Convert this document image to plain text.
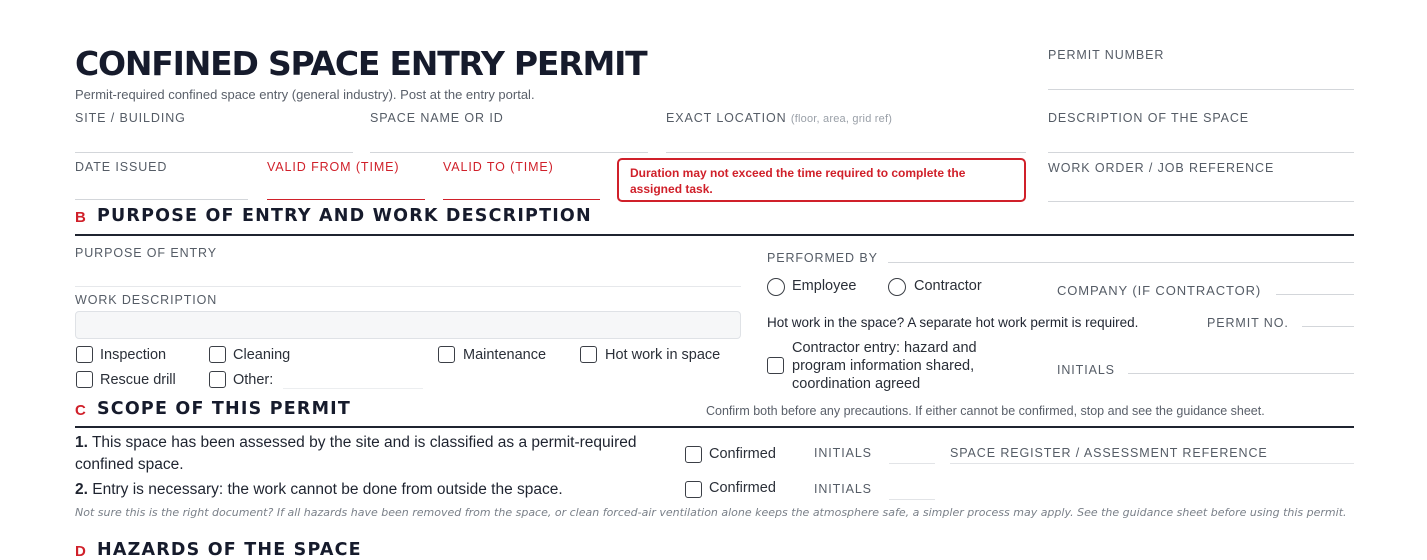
CONFINED SPACE ENTRY PERMIT
Permit-required confined space entry (general industry). Post at the entry portal.
PERMIT NUMBER
DESCRIPTION OF THE SPACE
WORK ORDER / JOB REFERENCE
SITE / BUILDING	SPACE NAME OR ID	EXACT LOCATION (floor, area, grid ref)
DATE ISSUED	VALID FROM (TIME)	VALID TO (TIME)	Duration may not exceed the time required to complete the assigned task.
B PURPOSE OF ENTRY AND WORK DESCRIPTION
PURPOSE OF ENTRY
WORK DESCRIPTION
Inspection	Cleaning	Maintenance	Hot work in space
Rescue drill	Other:
PERFORMED BY
Employee	Contractor	COMPANY (IF CONTRACTOR)
Hot work in the space? A separate hot work permit is required.	PERMIT NO.
Contractor entry: hazard and program information shared, coordination agreed
INITIALS
C SCOPE OF THIS PERMIT	Confirm both before any precautions. If either cannot be confirmed, stop and see the guidance sheet.
1. This space has been assessed by the site and is classified as a permit-required confined space.
Confirmed	INITIALS	SPACE REGISTER / ASSESSMENT REFERENCE
2. Entry is necessary: the work cannot be done from outside the space.	Confirmed	INITIALS
Not sure this is the right document? If all hazards have been removed from the space, or clean forced-air ventilation alone keeps the atmosphere safe, a simpler process may apply. See the guidance sheet before using this permit.
D HAZARDS OF THE SPACE
